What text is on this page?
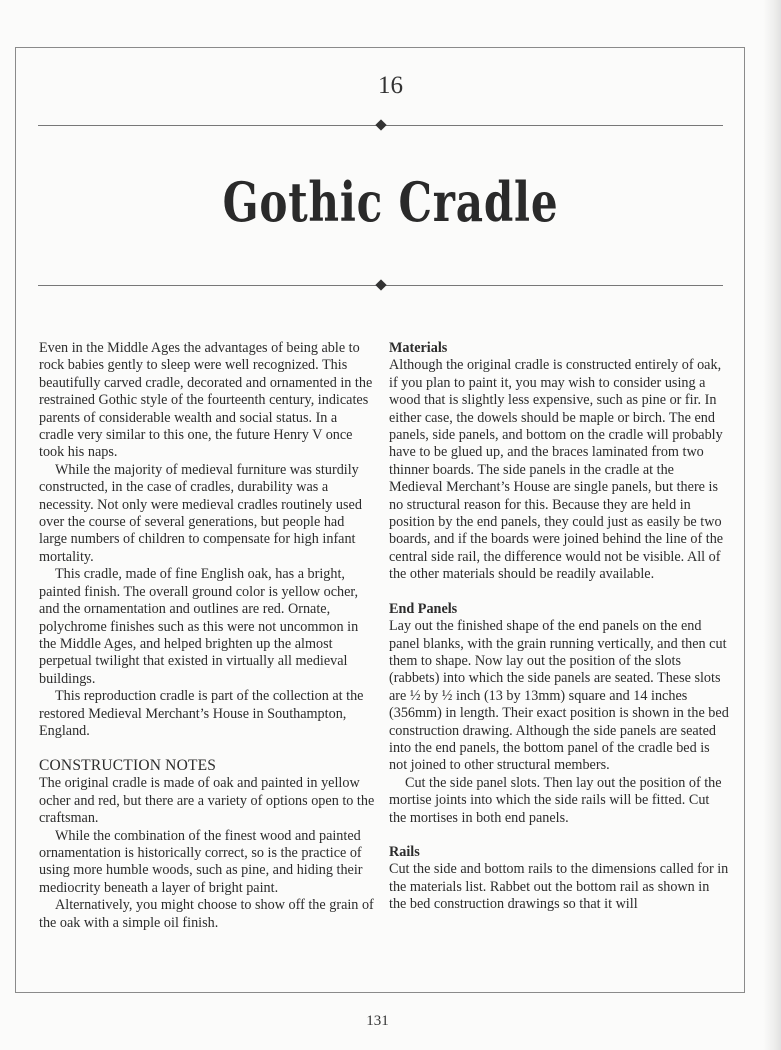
16
Gothic Cradle

Even in the Middle Ages the advantages of being able to rock babies gently to sleep were well recognized. This beautifully carved cradle, decorated and ornamented in the restrained Gothic style of the fourteenth century, indicates parents of considerable wealth and social status. In a cradle very similar to this one, the future Henry V once took his naps.

While the majority of medieval furniture was sturdily constructed, in the case of cradles, durability was a necessity. Not only were medieval cradles routinely used over the course of several generations, but people had large numbers of children to compensate for high infant mortality.

This cradle, made of fine English oak, has a bright, painted finish. The overall ground color is yellow ocher, and the ornamentation and outlines are red. Ornate, polychrome finishes such as this were not uncommon in the Middle Ages, and helped brighten up the almost perpetual twilight that existed in virtually all medieval buildings.

This reproduction cradle is part of the collection at the restored Medieval Merchant’s House in Southampton, England.

CONSTRUCTION NOTES

The original cradle is made of oak and painted in yellow ocher and red, but there are a variety of options open to the craftsman.

While the combination of the finest wood and painted ornamentation is historically correct, so is the practice of using more humble woods, such as pine, and hiding their mediocrity beneath a layer of bright paint.

Alternatively, you might choose to show off the grain of the oak with a simple oil finish.

Materials

Although the original cradle is constructed entirely of oak, if you plan to paint it, you may wish to consider using a wood that is slightly less expensive, such as pine or fir. In either case, the dowels should be maple or birch. The end panels, side panels, and bottom on the cradle will probably have to be glued up, and the braces laminated from two thinner boards. The side panels in the cradle at the Medieval Merchant’s House are single panels, but there is no structural reason for this. Because they are held in position by the end panels, they could just as easily be two boards, and if the boards were joined behind the line of the central side rail, the difference would not be visible. All of the other materials should be readily available.

End Panels

Lay out the finished shape of the end panels on the end panel blanks, with the grain running vertically, and then cut them to shape. Now lay out the position of the slots (rabbets) into which the side panels are seated. These slots are ½ by ½ inch (13 by 13mm) square and 14 inches (356mm) in length. Their exact position is shown in the bed construction drawing. Although the side panels are seated into the end panels, the bottom panel of the cradle bed is not joined to other structural members.

Cut the side panel slots. Then lay out the position of the mortise joints into which the side rails will be fitted. Cut the mortises in both end panels.

Rails

Cut the side and bottom rails to the dimensions called for in the materials list. Rabbet out the bottom rail as shown in the bed construction drawings so that it will

131
